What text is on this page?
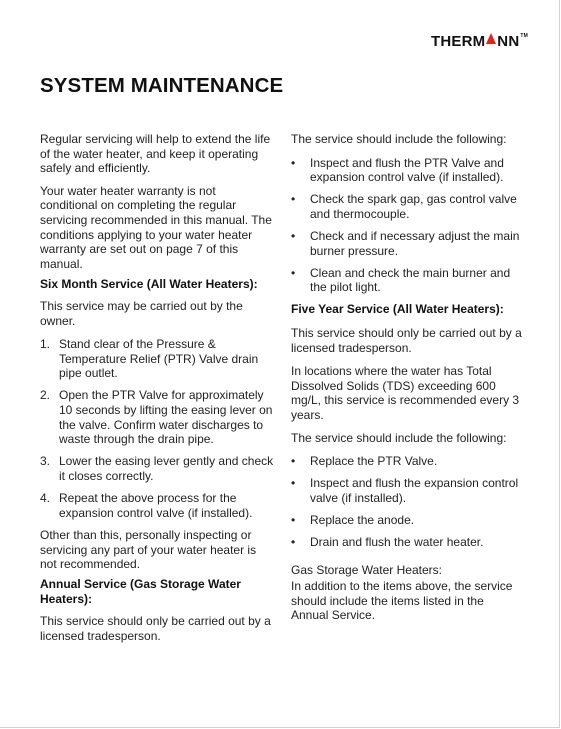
THERM NN TM
SYSTEM MAINTENANCE

Regular servicing will help to extend the life of the water heater, and keep it operating safely and efficiently.

Your water heater warranty is not conditional on completing the regular servicing recommended in this manual. The conditions applying to your water heater warranty are set out on page 7 of this manual.

Six Month Service (All Water Heaters):

This service may be carried out by the owner.

1. Stand clear of the Pressure & Temperature Relief (PTR) Valve drain pipe outlet.
2. Open the PTR Valve for approximately 10 seconds by lifting the easing lever on the valve. Confirm water discharges to waste through the drain pipe.
3. Lower the easing lever gently and check it closes correctly.
4. Repeat the above process for the expansion control valve (if installed).

Other than this, personally inspecting or servicing any part of your water heater is not recommended.

Annual Service (Gas Storage Water Heaters):

This service should only be carried out by a licensed tradesperson.

The service should include the following:

• Inspect and flush the PTR Valve and expansion control valve (if installed).
• Check the spark gap, gas control valve and thermocouple.
• Check and if necessary adjust the main burner pressure.
• Clean and check the main burner and the pilot light.
Five Year Service (All Water Heaters):

This service should only be carried out by a licensed tradesperson.

In locations where the water has Total Dissolved Solids (TDS) exceeding 600 mg/L, this service is recommended every 3 years.

The service should include the following:

• Replace the PTR Valve.
• Inspect and flush the expansion control valve (if installed).
• Replace the anode.
• Drain and flush the water heater.

Gas Storage Water Heaters:

In addition to the items above, the service should include the items listed in the Annual Service.
